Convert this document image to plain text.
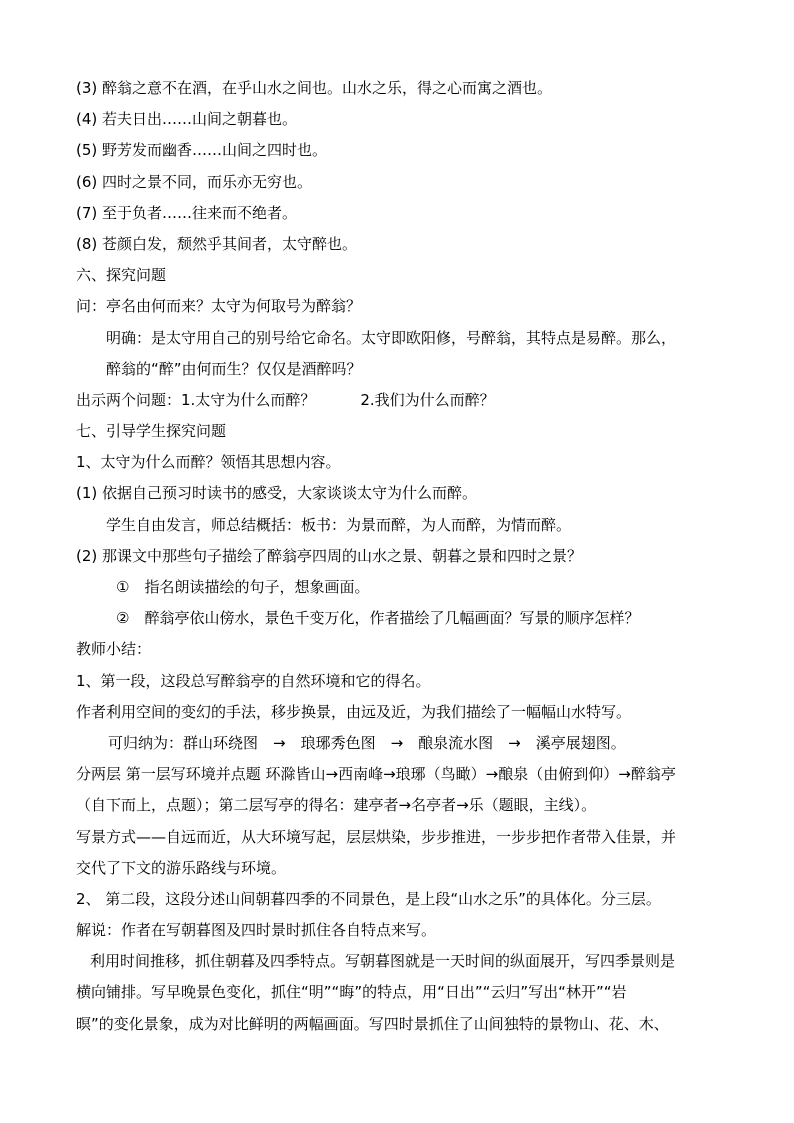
(3) 醉翁之意不在酒，在乎山水之间也。山水之乐，得之心而寓之酒也。
(4) 若夫日出……山间之朝暮也。
(5) 野芳发而幽香……山间之四时也。
(6) 四时之景不同，而乐亦无穷也。
(7) 至于负者……往来而不绝者。
(8) 苍颜白发，颓然乎其间者，太守醉也。
六、探究问题
问：亭名由何而来？太守为何取号为醉翁？
明确：是太守用自己的别号给它命名。太守即欧阳修，号醉翁，其特点是易醉。那么，
醉翁的“醉”由何而生？仅仅是酒醉吗？
出示两个问题：1.太守为什么而醉？　　　2.我们为什么而醉？
七、引导学生探究问题
1、太守为什么而醉？领悟其思想内容。
(1) 依据自己预习时读书的感受，大家谈谈太守为什么而醉。
学生自由发言，师总结概括：板书：为景而醉，为人而醉，为情而醉。
(2) 那课文中那些句子描绘了醉翁亭四周的山水之景、朝暮之景和四时之景？
①　指名朗读描绘的句子，想象画面。
②　醉翁亭依山傍水，景色千变万化，作者描绘了几幅画面？写景的顺序怎样？
教师小结：
1、第一段，这段总写醉翁亭的自然环境和它的得名。
作者利用空间的变幻的手法，移步换景，由远及近，为我们描绘了一幅幅山水特写。
可归纳为：群山环绕图　→　琅琊秀色图　→　酿泉流水图　→　溪亭展翅图。
分两层 第一层写环境并点题 环滁皆山→西南峰→琅琊（鸟瞰）→酿泉（由俯到仰）→醉翁亭
（自下而上，点题）；第二层写亭的得名：建亭者→名亭者→乐（题眼，主线）。
写景方式——自远而近，从大环境写起，层层烘染，步步推进，一步步把作者带入佳景，并
交代了下文的游乐路线与环境。
2、 第二段，这段分述山间朝暮四季的不同景色，是上段“山水之乐”的具体化。分三层。
解说：作者在写朝暮图及四时景时抓住各自特点来写。
利用时间推移，抓住朝暮及四季特点。写朝暮图就是一天时间的纵面展开，写四季景则是
横向铺排。写早晚景色变化，抓住“明”“晦”的特点，用“日出”“云归”写出“林开”“岩
暝”的变化景象，成为对比鲜明的两幅画面。写四时景抓住了山间独特的景物山、花、木、
